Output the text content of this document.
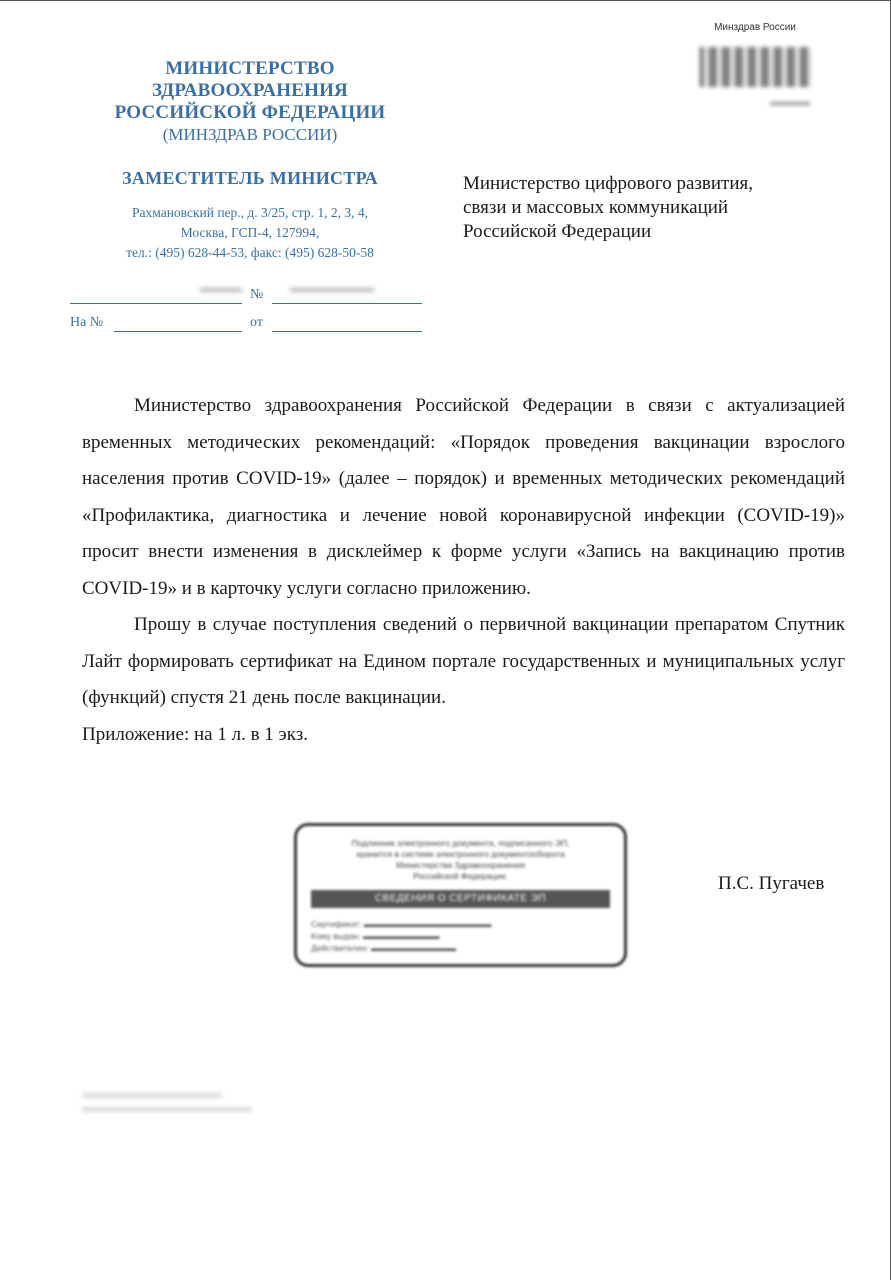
МИНИСТЕРСТВО
ЗДРАВООХРАНЕНИЯ
РОССИЙСКОЙ ФЕДЕРАЦИИ
(МИНЗДРАВ РОССИИ)
ЗАМЕСТИТЕЛЬ МИНИСТРА
Рахмановский пер., д. 3/25, стр. 1, 2, 3, 4,
Москва, ГСП-4, 127994,
тел.: (495) 628-44-53, факс: (495) 628-50-58
№
▬▬▬	▬▬▬▬▬▬
На №	от
Минздрав России
▬▬▬▬
Министерство цифрового развития,
связи и массовых коммуникаций
Российской Федерации

Министерство здравоохранения Российской Федерации в связи с актуализацией временных методических рекомендаций: «Порядок проведения вакцинации взрослого населения против COVID-19» (далее – порядок) и временных методических рекомендаций «Профилактика, диагностика и лечение новой коронавирусной инфекции (COVID-19)» просит внести изменения в дисклеймер к форме услуги «Запись на вакцинацию против COVID-19» и в карточку услуги согласно приложению.

Прошу в случае поступления сведений о первичной вакцинации препаратом Спутник Лайт формировать сертификат на Едином портале государственных и муниципальных услуг (функций) спустя 21 день после вакцинации.

Приложение: на 1 л. в 1 экз.

Подлинник электронного документа, подписанного ЭП,
хранится в системе электронного документооборота
Министерства Здравоохранения
Российской Федерации.
СВЕДЕНИЯ О СЕРТИФИКАТЕ ЭП
Сертификат: ▬▬▬▬▬▬▬▬▬▬▬▬▬▬▬
Кому выдан: ▬▬▬▬▬▬▬▬▬
Действителен: ▬▬▬▬▬▬▬▬▬▬
П.С. Пугачев
▬▬▬▬▬▬▬▬▬▬▬▬▬▬
▬▬▬▬▬▬▬▬▬▬▬▬▬▬▬▬▬
